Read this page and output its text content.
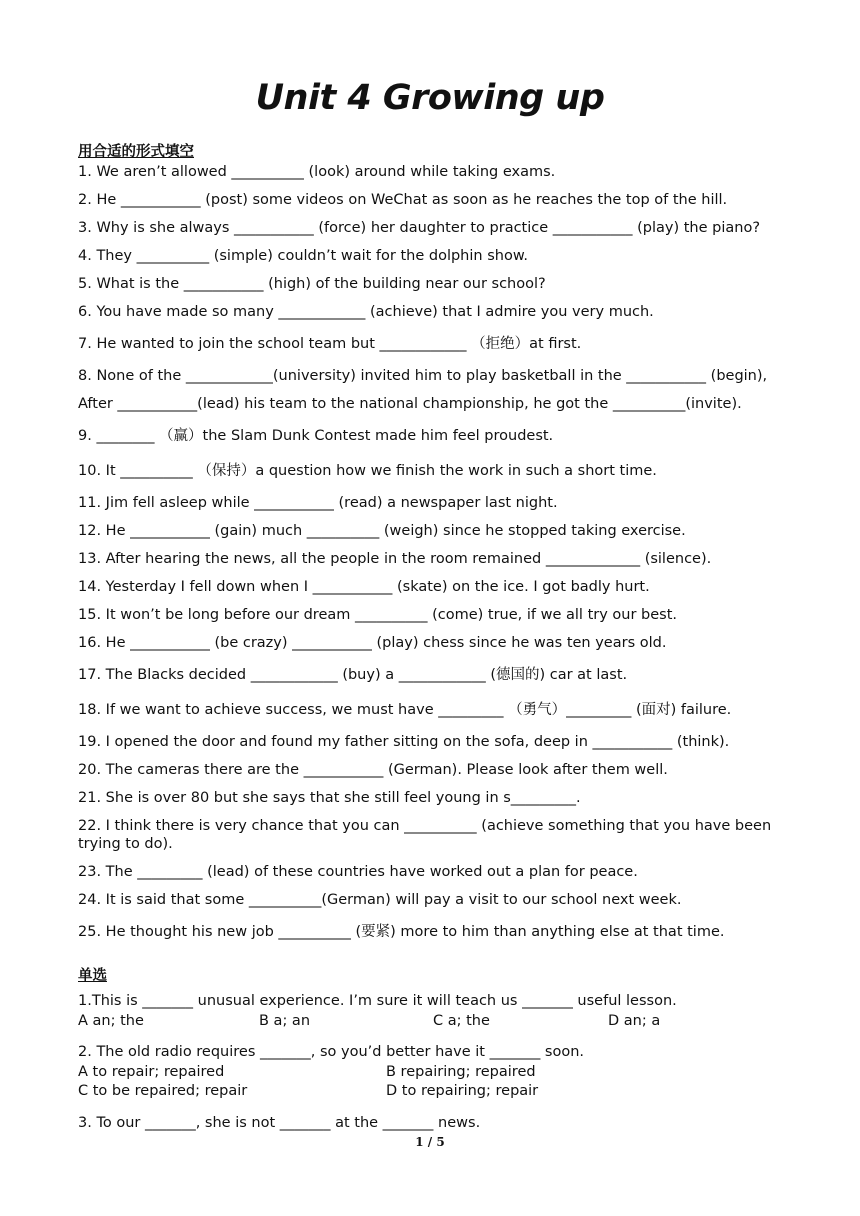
Unit 4 Growing up
用合适的形式填空
1. We aren’t allowed __________ (look) around while taking exams.
2. He ___________ (post) some videos on WeChat as soon as he reaches the top of the hill.
3. Why is she always ___________ (force) her daughter to practice ___________ (play) the piano?
4. They __________ (simple) couldn’t wait for the dolphin show.
5. What is the ___________ (high) of the building near our school?
6. You have made so many ____________ (achieve) that I admire you very much.
7. He wanted to join the school team but ____________ （拒绝）at first.
8. None of the ____________(university) invited him to play basketball in the ___________ (begin),
After ___________(lead) his team to the national championship, he got the __________(invite).
9. ________ （赢）the Slam Dunk Contest made him feel proudest.
10. It __________ （保持）a question how we finish the work in such a short time.
11. Jim fell asleep while ___________ (read) a newspaper last night.
12. He ___________ (gain) much __________ (weigh) since he stopped taking exercise.
13. After hearing the news, all the people in the room remained _____________ (silence).
14. Yesterday I fell down when I ___________ (skate) on the ice. I got badly hurt.
15. It won’t be long before our dream __________ (come) true, if we all try our best.
16. He ___________ (be crazy) ___________ (play) chess since he was ten years old.
17. The Blacks decided ____________ (buy) a ____________ (德国的) car at last.
18. If we want to achieve success, we must have _________ （勇气）_________ (面对) failure.
19. I opened the door and found my father sitting on the sofa, deep in ___________ (think).
20. The cameras there are the ___________ (German). Please look after them well.
21. She is over 80 but she says that she still feel young in s_________.
22. I think there is very chance that you can __________ (achieve something that you have been trying to do).
23. The _________ (lead) of these countries have worked out a plan for peace.
24. It is said that some __________(German) will pay a visit to our school next week.
25. He thought his new job __________ (要紧) more to him than anything else at that time.
单选
1.This is _______ unusual experience. I’m sure it will teach us _______ useful lesson.
A an; the	B a; an	C a; the	D an; a
2. The old radio requires _______, so you’d better have it _______ soon.
A to repair; repaired	B repairing; repaired
C to be repaired; repair	D to repairing; repair
3. To our _______, she is not _______ at the _______ news.
1 / 5
